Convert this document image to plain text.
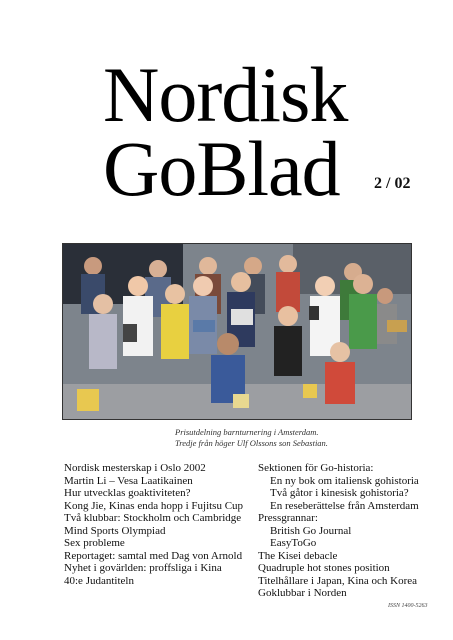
Nordisk
GoBlad 2 / 02
Prisutdelning barnturnering i Amsterdam.
Tredje från höger Ulf Olssons son Sebastian.
Nordisk mesterskap i Oslo 2002
Martin Li – Vesa Laatikainen
Hur utvecklas goaktiviteten?
Kong Jie, Kinas enda hopp i Fujitsu Cup
Två klubbar: Stockholm och Cambridge
Mind Sports Olympiad
Sex probleme
Reportaget: samtal med Dag von Arnold
Nyhet i govärlden: proffsliga i Kina
40:e Judantiteln
Sektionen för Go-historia:
En ny bok om italiensk gohistoria
Två gåtor i kinesisk gohistoria?
En reseberättelse från Amsterdam
Pressgrannar:
British Go Journal
EasyToGo
The Kisei debacle
Quadruple hot stones position
Titelhållare i Japan, Kina och Korea
Goklubbar i Norden
ISSN 1400-5263
